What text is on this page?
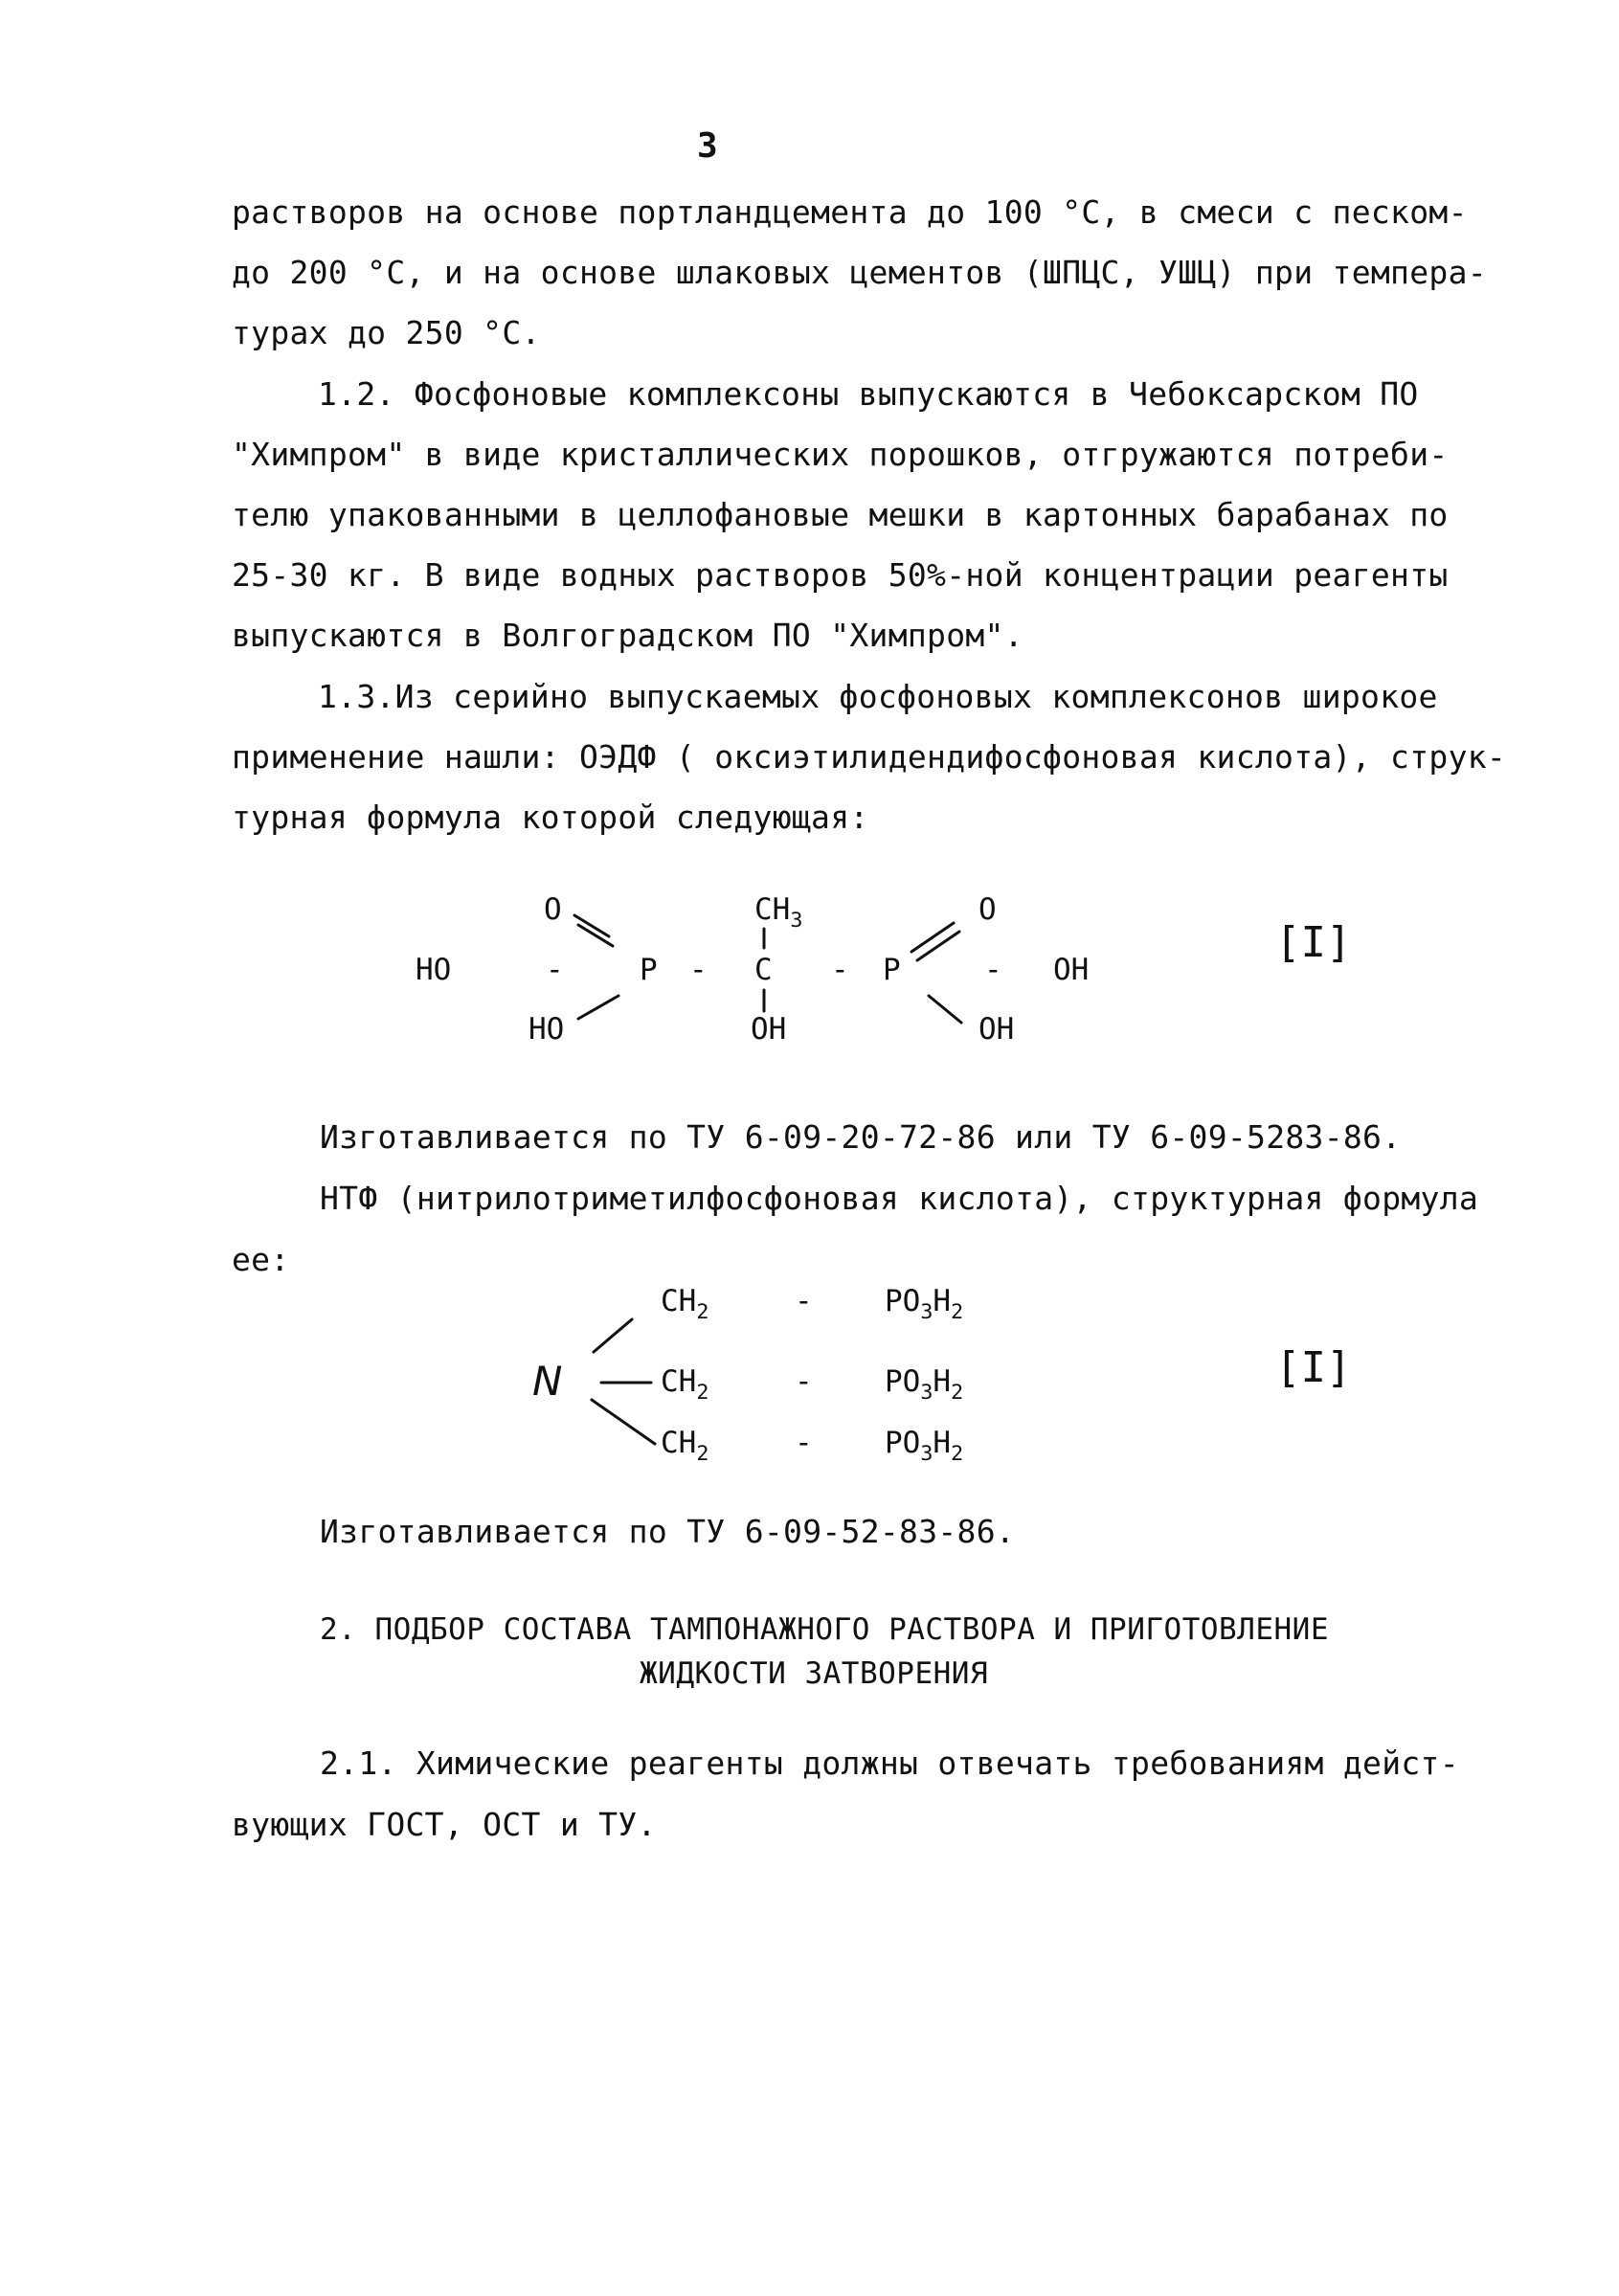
3
растворов на основе портландцемента до 100 °С, в смеси с песком-
до 200 °С, и на основе шлаковых цементов (ШПЦС, УШЦ) при темпера-
турах до 250 °С.
1.2. Фосфоновые комплексоны выпускаются в Чебоксарском ПО
"Химпром" в виде кристаллических порошков, отгружаются потреби-
телю упакованными в целлофановые мешки в картонных барабанах по
25-30 кг. В виде водных растворов 50%-ной концентрации реагенты
выпускаются в Волгоградском ПО "Химпром".
1.3.Из серийно выпускаемых фосфоновых комплексонов широкое
применение нашли: ОЭДФ ( оксиэтилидендифосфоновая кислота), струк-
турная формула которой следующая:
O	$CH_3$	O
HO	-	P - C - P	- OH
HO	OH	OH
[I]
Изготавливается по ТУ 6-09-20-72-86 или ТУ 6-09-5283-86.
НТФ (нитрилотриметилфосфоновая кислота), структурная формула
ее:
N
$CH_2$	- $PO_3H_2$
$CH_2$	- $PO_3H_2$
$CH_2$	- $PO_3H_2$
[I]
Изготавливается по ТУ 6-09-52-83-86.
2. ПОДБОР СОСТАВА ТАМПОНАЖНОГО РАСТВОРА И ПРИГОТОВЛЕНИЕ
ЖИДКОСТИ ЗАТВОРЕНИЯ
2.1. Химические реагенты должны отвечать требованиям дейст-
вующих ГОСТ, ОСТ и ТУ.
